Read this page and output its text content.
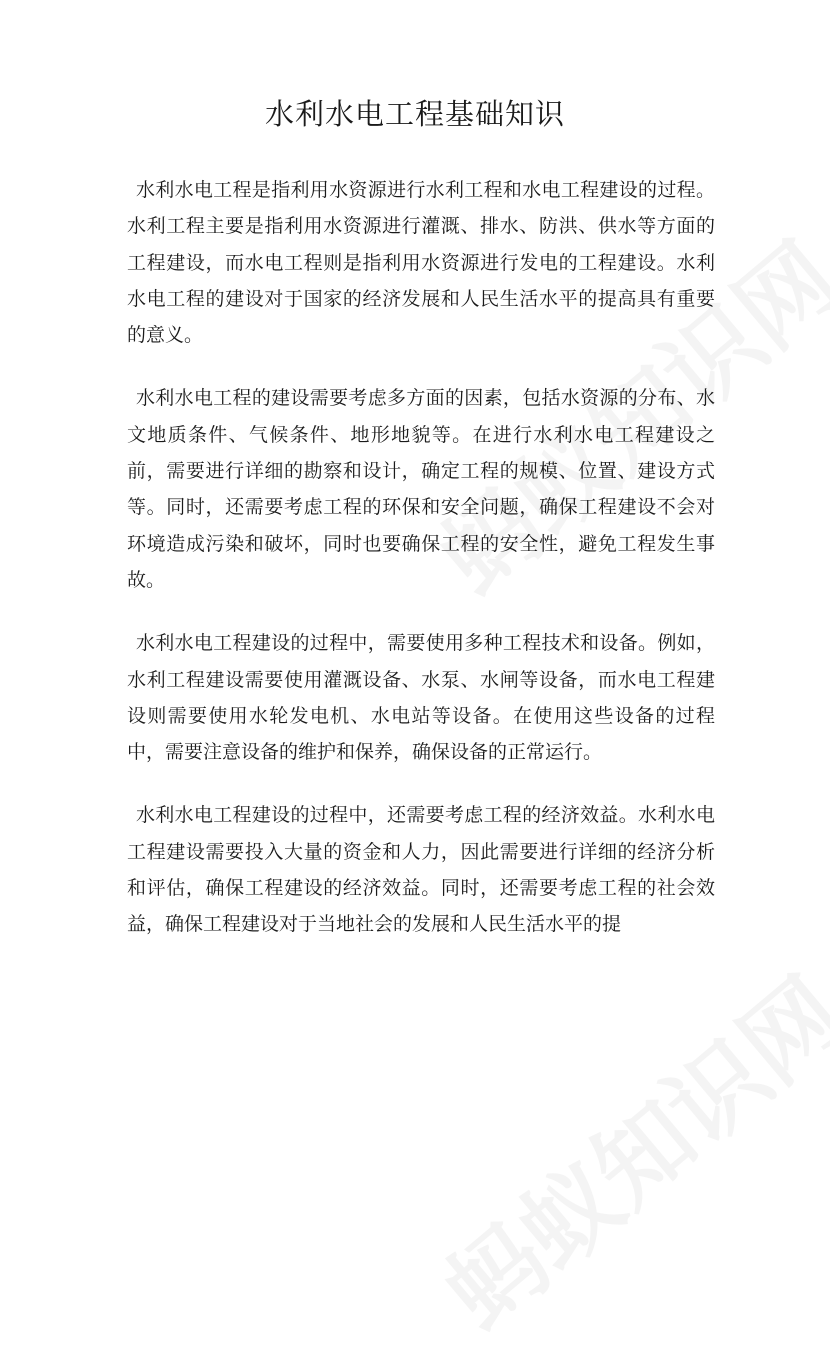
水利水电工程基础知识

水利水电工程是指利用水资源进行水利工程和水电工程建设的过程。水利工程主要是指利用水资源进行灌溉、排水、防洪、供水等方面的工程建设，而水电工程则是指利用水资源进行发电的工程建设。水利水电工程的建设对于国家的经济发展和人民生活水平的提高具有重要的意义。

水利水电工程的建设需要考虑多方面的因素，包括水资源的分布、水文地质条件、气候条件、地形地貌等。在进行水利水电工程建设之前，需要进行详细的勘察和设计，确定工程的规模、位置、建设方式等。同时，还需要考虑工程的环保和安全问题，确保工程建设不会对环境造成污染和破坏，同时也要确保工程的安全性，避免工程发生事故。

水利水电工程建设的过程中，需要使用多种工程技术和设备。例如，水利工程建设需要使用灌溉设备、水泵、水闸等设备，而水电工程建设则需要使用水轮发电机、水电站等设备。在使用这些设备的过程中，需要注意设备的维护和保养，确保设备的正常运行。

水利水电工程建设的过程中，还需要考虑工程的经济效益。水利水电工程建设需要投入大量的资金和人力，因此需要进行详细的经济分析和评估，确保工程建设的经济效益。同时，还需要考虑工程的社会效益，确保工程建设对于当地社会的发展和人民生活水平的提
